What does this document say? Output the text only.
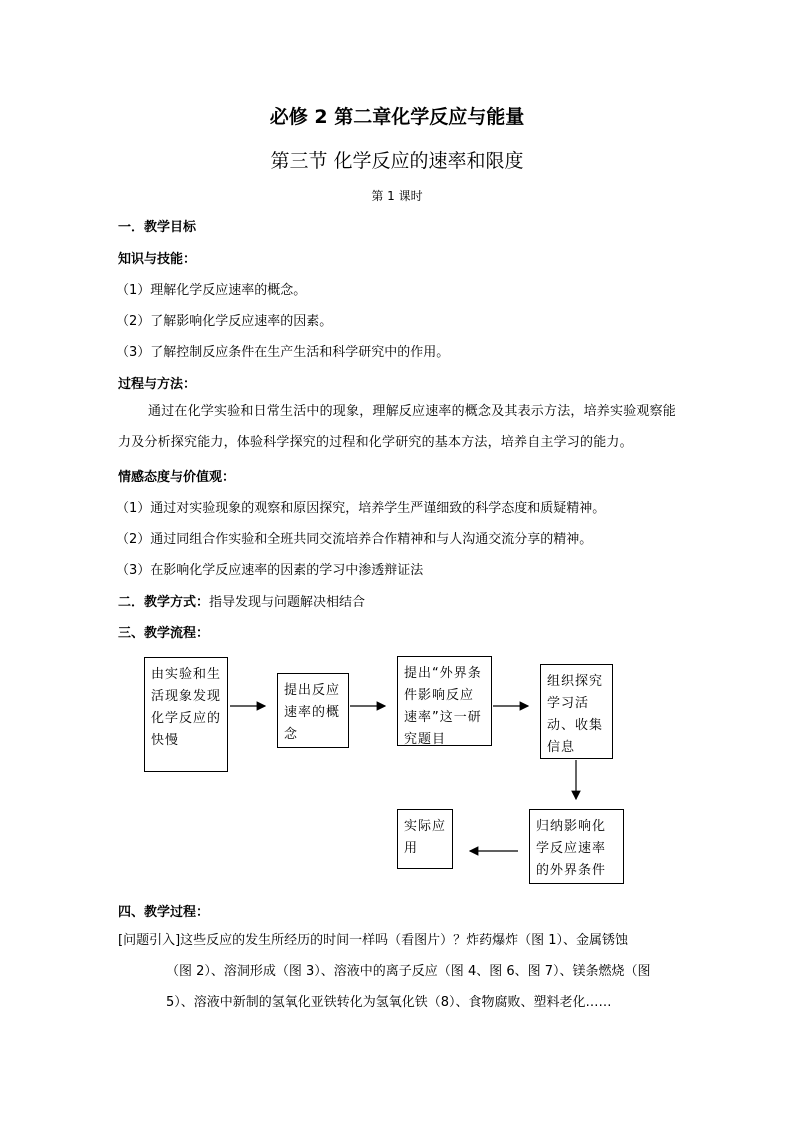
必修 2 第二章化学反应与能量
第三节 化学反应的速率和限度
第 1 课时
一．教学目标
知识与技能：
（1）理解化学反应速率的概念。
（2）了解影响化学反应速率的因素。
（3）了解控制反应条件在生产生活和科学研究中的作用。
过程与方法：
通过在化学实验和日常生活中的现象，理解反应速率的概念及其表示方法，培养实验观察能力及分析探究能力，体验科学探究的过程和化学研究的基本方法，培养自主学习的能力。
情感态度与价值观：
（1）通过对实验现象的观察和原因探究，培养学生严谨细致的科学态度和质疑精神。
（2）通过同组合作实验和全班共同交流培养合作精神和与人沟通交流分享的精神。
（3）在影响化学反应速率的因素的学习中渗透辩证法
二．教学方式：指导发现与问题解决相结合
三、教学流程：
由实验和生活现象发现化学反应的快慢
提出反应速率的概念
提出“外界条件影响反应速率”这一研究题目
组织探究学习活动、收集信息
归纳影响化学反应速率的外界条件
实际应用
四、教学过程：
[问题引入]这些反应的发生所经历的时间一样吗（看图片）？炸药爆炸（图 1）、金属锈蚀
（图 2）、溶洞形成（图 3）、溶液中的离子反应（图 4、图 6、图 7）、镁条燃烧（图
5）、溶液中新制的氢氧化亚铁转化为氢氧化铁（8）、食物腐败、塑料老化……
